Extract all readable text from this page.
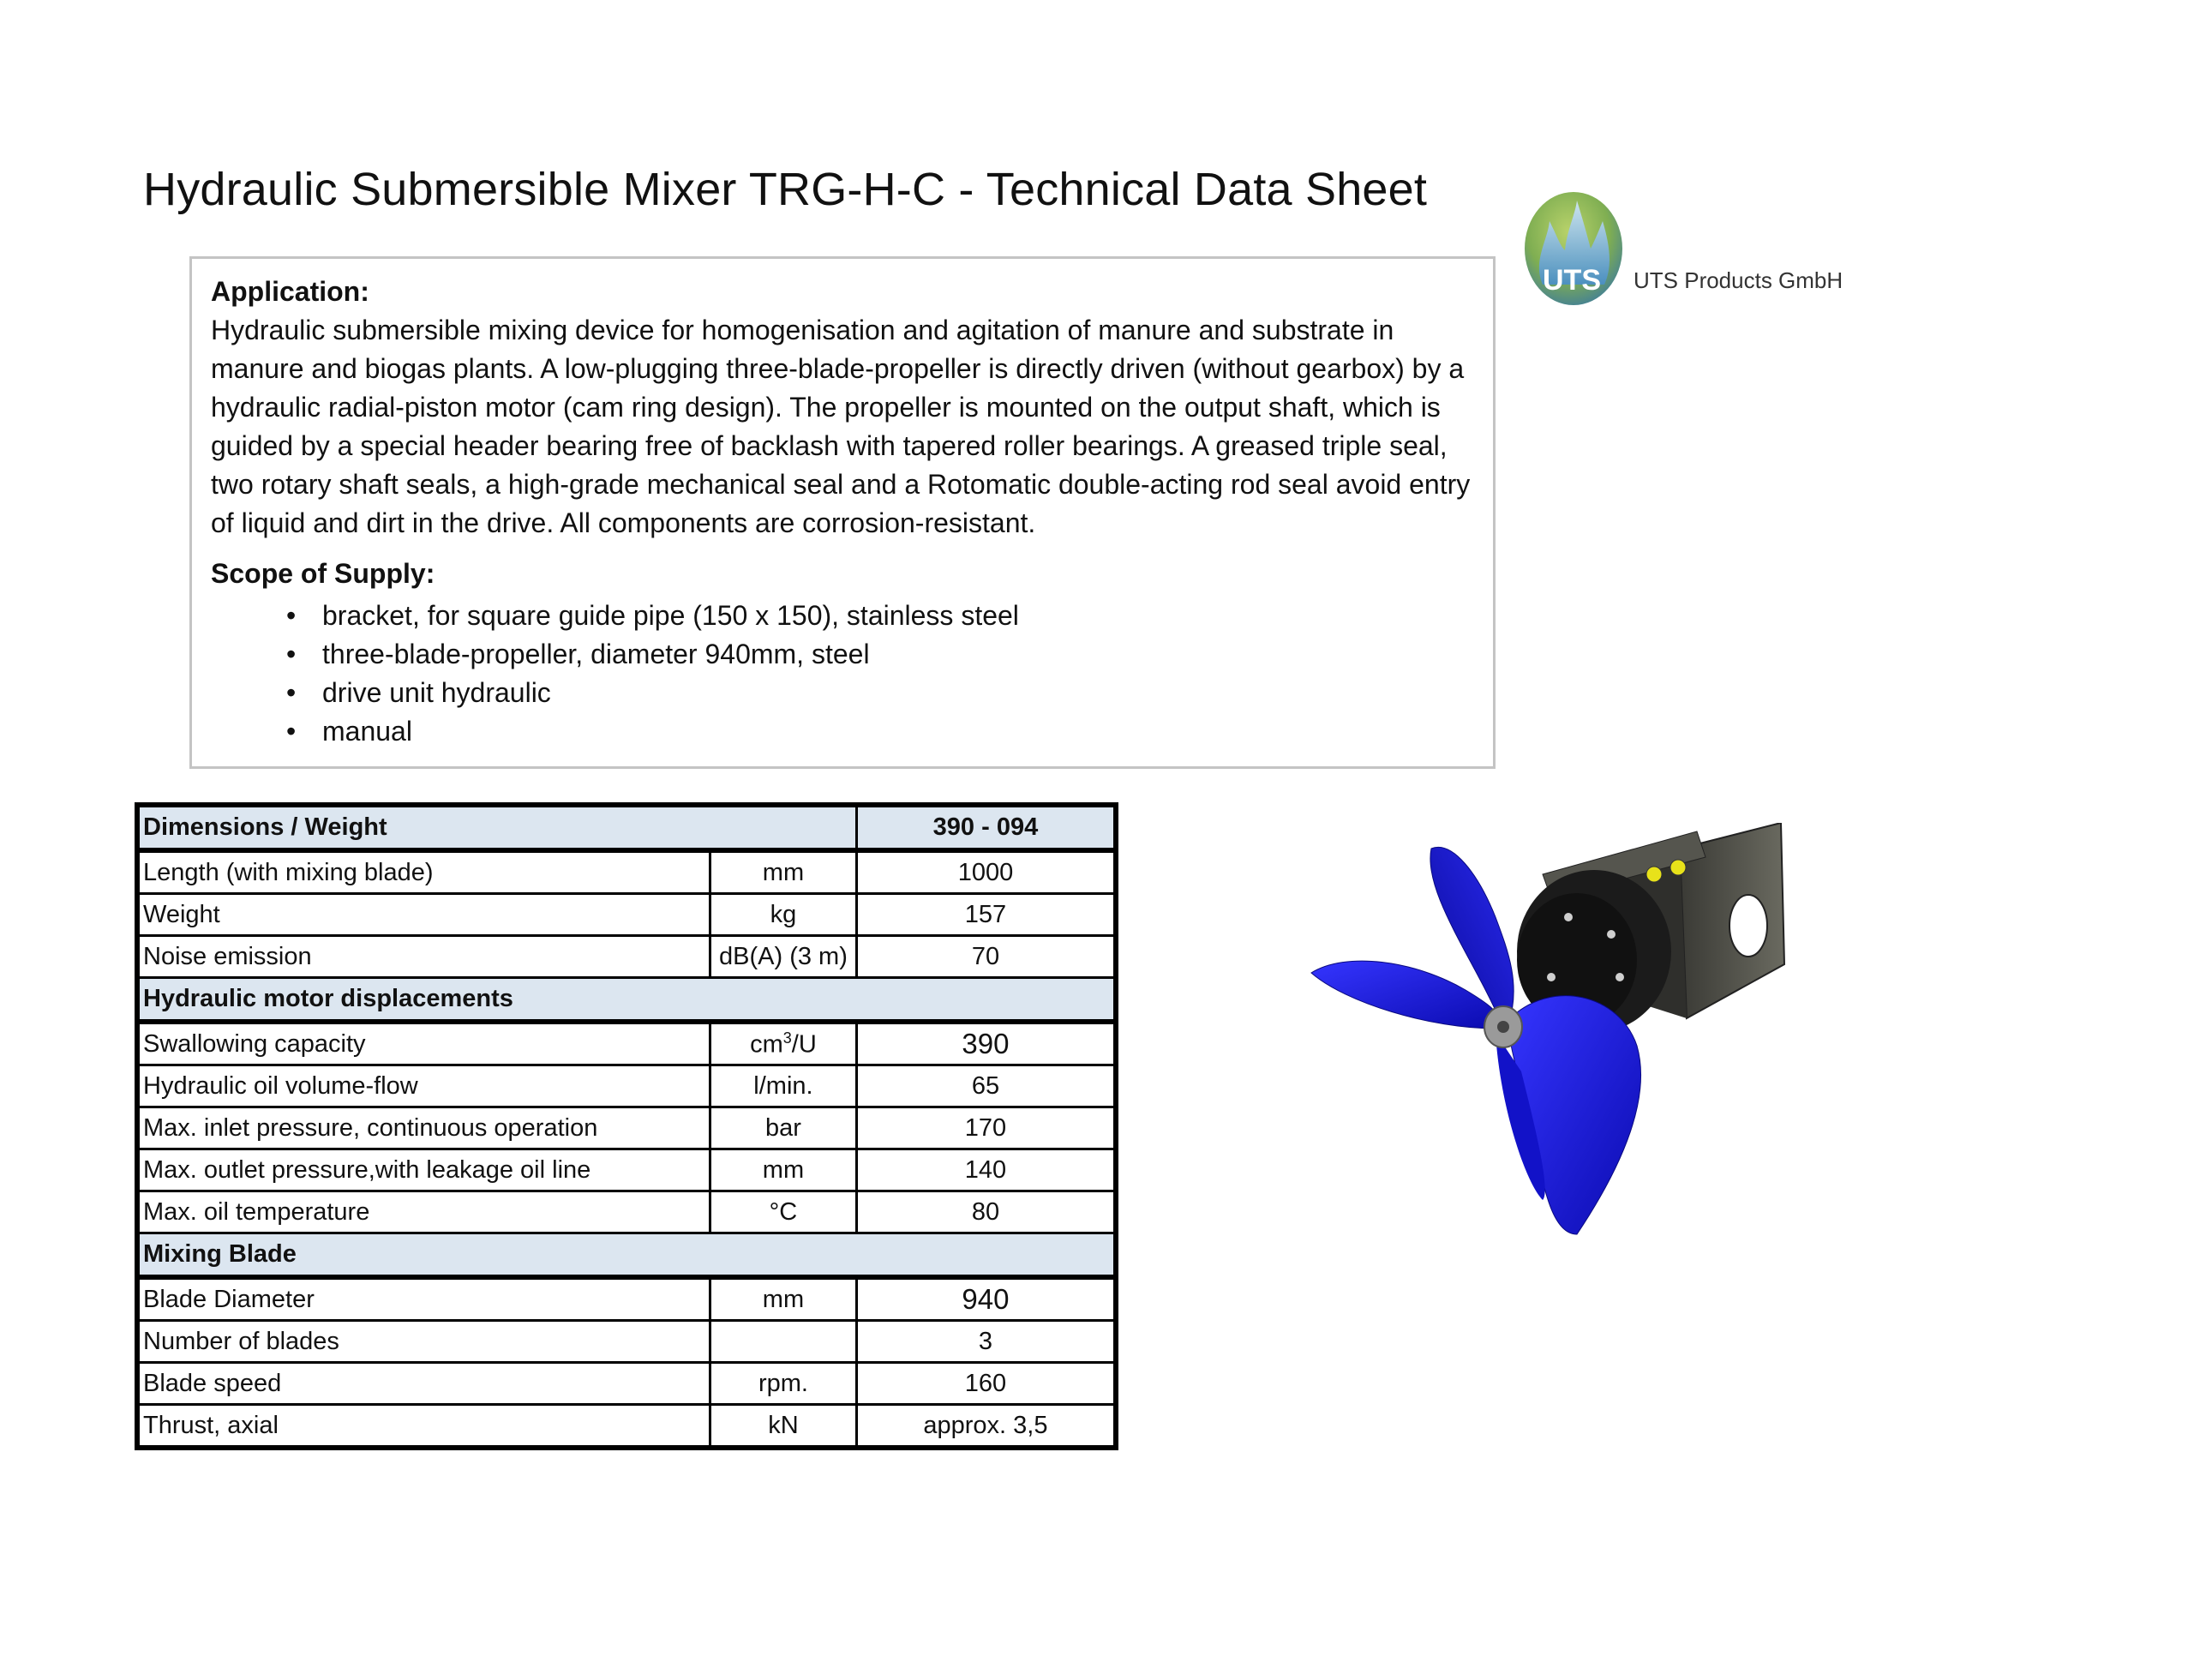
Hydraulic Submersible Mixer TRG-H-C - Technical Data Sheet
UTS UTS Products GmbH
Application:

Hydraulic submersible mixing device for homogenisation and agitation of manure and substrate in manure and biogas plants. A low-plugging three-blade-propeller is directly driven (without gearbox) by a hydraulic radial-piston motor (cam ring design). The propeller is mounted on the output shaft, which is guided by a special header bearing free of backlash with tapered roller bearings. A greased triple seal, two rotary shaft seals, a high-grade mechanical seal and a Rotomatic double-acting rod seal avoid entry of liquid and dirt in the drive. All components are corrosion-resistant.

Scope of Supply:
• bracket, for square guide pipe (150 x 150), stainless steel
• three-blade-propeller, diameter 940mm, steel
• drive unit hydraulic
• manual
Dimensions / Weight		390 - 094
Length (with mixing blade)	mm	1000
Weight	kg	157
Noise emission	dB(A) (3 m)	70
Hydraulic motor displacements		
Swallowing capacity	$cm^3/U$	390
Hydraulic oil volume-flow	l/min.	65
Max. inlet pressure, continuous operation	bar	170
Max. outlet pressure,with leakage oil line	mm	140
Max. oil temperature	°C	80
Mixing Blade		
Blade Diameter	mm	940
Number of blades		3
Blade speed	rpm.	160
Thrust, axial	kN	approx. 3,5
